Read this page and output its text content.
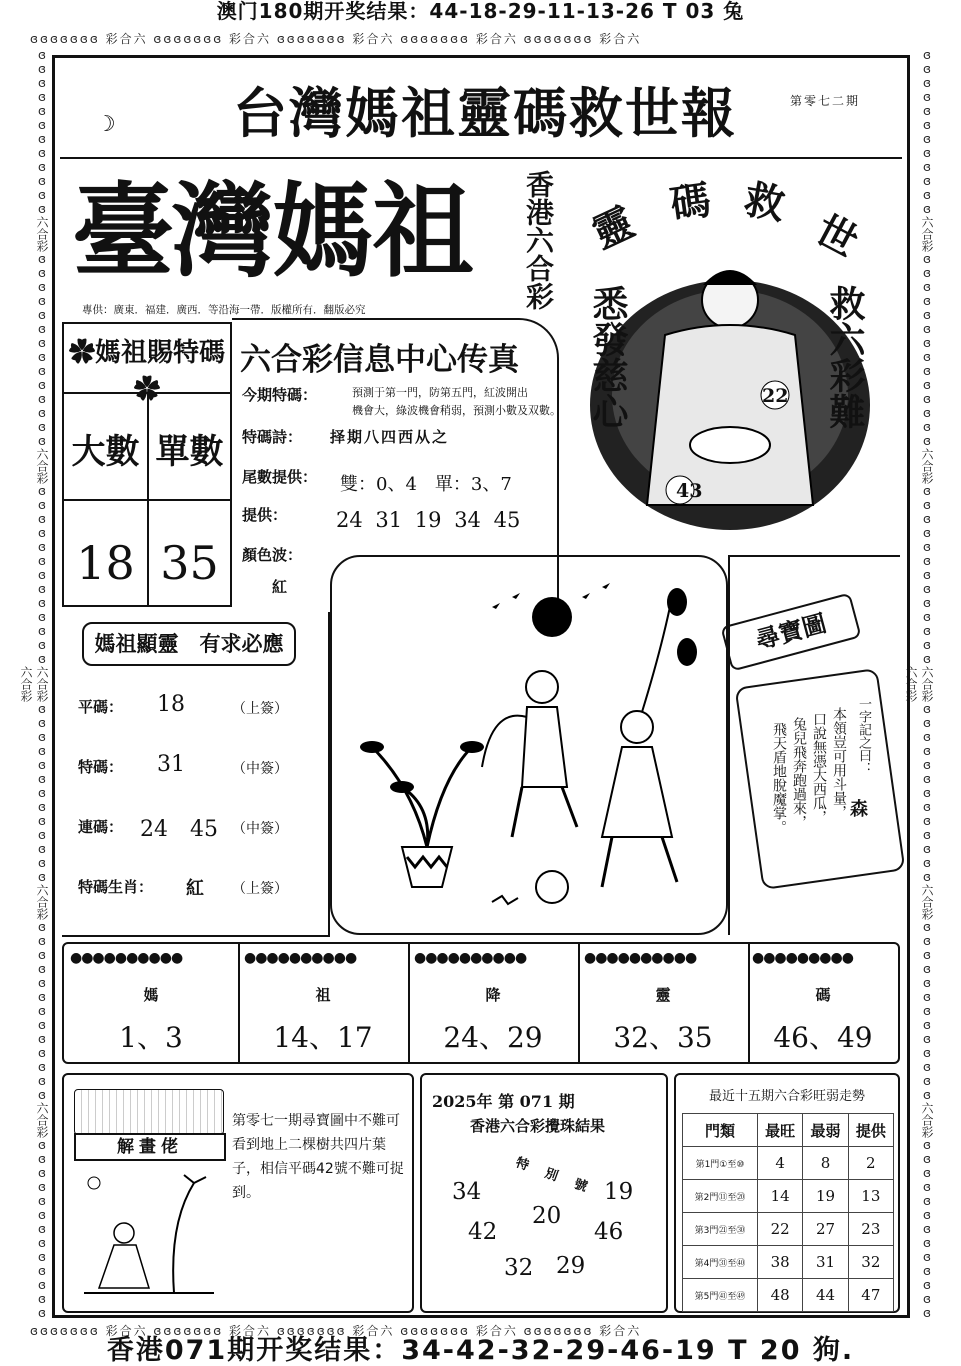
澳门180期开奖结果：44-18-29-11-13-26 T 03 兔
ɞɞɞɞɞɞɞ 彩合六 ɞɞɞɞɞɞɞ 彩合六 ɞɞɞɞɞɞɞ 彩合六 ɞɞɞɞɞɞɞ 彩合六 ɞɞɞɞɞɞɞ 彩合六
ɞɞɞɞɞɞɞ 彩合六 ɞɞɞɞɞɞɞ 彩合六 ɞɞɞɞɞɞɞ 彩合六 ɞɞɞɞɞɞɞ 彩合六 ɞɞɞɞɞɞɞ 彩合六
ɞɞɞɞɞɞɞɞɞɞɞɞ六合彩ɞɞɞɞɞɞɞɞɞɞɞɞɞɞ六合彩ɞɞɞɞɞɞɞɞɞɞɞɞɞ六合彩ɞɞɞɞɞɞɞɞɞɞɞɞɞ六合彩ɞɞɞɞɞɞɞɞɞɞɞɞɞ六合彩ɞɞɞɞɞɞɞɞɞɞɞɞɞ六合彩	ɞɞɞɞɞɞɞɞɞɞɞɞ六合彩ɞɞɞɞɞɞɞɞɞɞɞɞɞɞ六合彩ɞɞɞɞɞɞɞɞɞɞɞɞɞ六合彩ɞɞɞɞɞɞɞɞɞɞɞɞɞ六合彩ɞɞɞɞɞɞɞɞɞɞɞɞɞ六合彩ɞɞɞɞɞɞɞɞɞɞɞɞɞ六合彩
台灣媽祖靈碼救世報	第零七二期
☽
臺灣媽祖	香港六合彩
專供：廣東．福建．廣西．等沿海一帶．版權所有．翻版必究
靈 碼 救
世
悉發慈心	救六彩難
22
43
✿媽祖賜特碼✿
大數 單數
18 35
六合彩信息中心传真
今期特碼：	預測于第一門，防第五門，紅波開出
機會大，綠波機會稍弱，預測小數及双數。
特碼詩： 择期八四西从之
尾數提供： 雙：0、4　單：3、7
提供： 24 31 19 34 45
顏色波：
紅
媽祖顯靈　有求必應
平碼： 18	（上簽）
特碼： 31	（中簽）
連碼： 24　45 （中簽）
特碼生肖： 紅 （上簽）
尋寶圖
一字記之曰：
森
本領豈可用斗量，
口說無憑大西瓜，
兔兒飛奔跑過來，
飛天盾地脫魔掌。
●●●●●●●●●●
媽
1、3
●●●●●●●●●●
祖
14、17
●●●●●●●●●●
降
24、29
●●●●●●●●●●
靈
32、35
●●●●●●●●●
碼
46、49
解畫佬
第零七一期尋寶圖中不難可看到地上二棵樹共四片葉子，相信平碼42號不難可捉到。
2025年 第 071 期
香港六合彩攪珠結果
34	19
42	46
32 29
特別號
20
最近十五期六合彩旺弱走勢
門類	最旺	最弱	提供
第1門①至⑩	4	8	2
第2門⑪至⑳	14	19	13
第3門㉑至㉚	22	27	23
第4門㉛至㊵	38	31	32
第5門㊶至㊾	48	44	47
香港071期开奖结果：34-42-32-29-46-19 T 20 狗.
